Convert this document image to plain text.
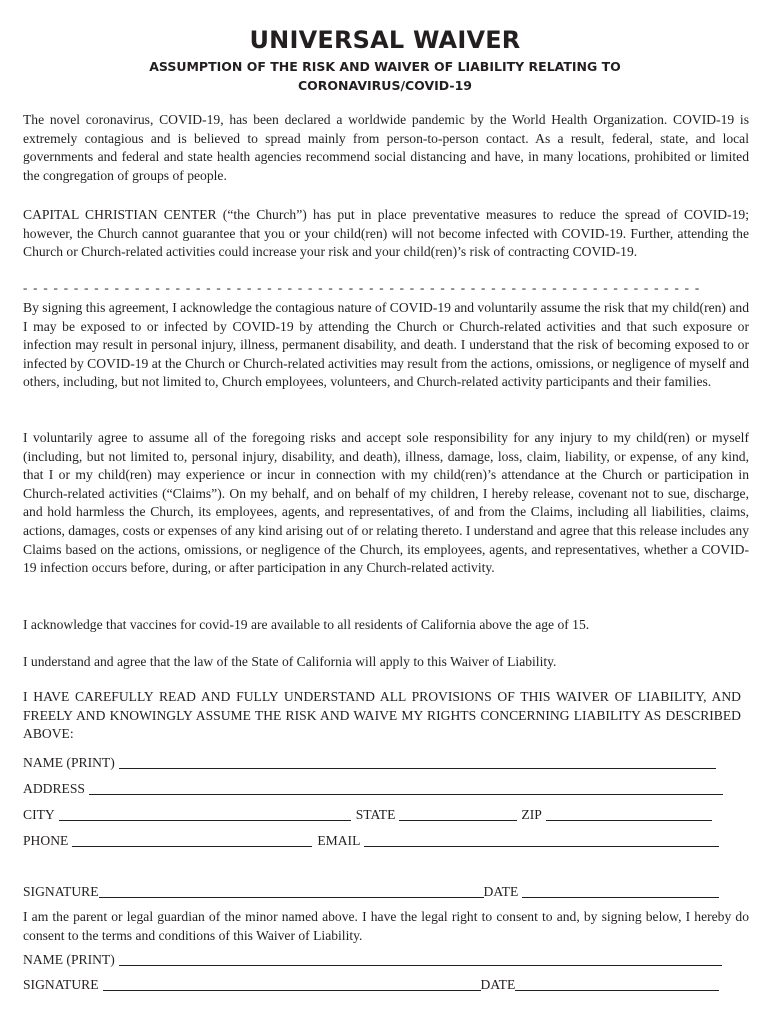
UNIVERSAL WAIVER
ASSUMPTION OF THE RISK AND WAIVER OF LIABILITY RELATING TO
CORONAVIRUS/COVID-19

The novel coronavirus, COVID-19, has been declared a worldwide pandemic by the World Health Organization. COVID-19 is extremely contagious and is believed to spread mainly from person-to-person contact. As a result, federal, state, and local governments and federal and state health agencies recommend social distancing and have, in many locations, prohibited or limited the congregation of groups of people.

CAPITAL CHRISTIAN CENTER (“the Church”) has put in place preventative measures to reduce the spread of COVID-19; however, the Church cannot guarantee that you or your child(ren) will not become infected with COVID-19. Further, attending the Church or Church-related activities could increase your risk and your child(ren)’s risk of contracting COVID-19.

- - - - - - - - - - - - - - - - - - - - - - - - - - - - - - - - - - - - - - - - - - - - - - - - - - - - - - - - - - - - - - - - - - -

By signing this agreement, I acknowledge the contagious nature of COVID-19 and voluntarily assume the risk that my child(ren) and I may be exposed to or infected by COVID-19 by attending the Church or Church-related activities and that such exposure or infection may result in personal injury, illness, permanent disability, and death. I understand that the risk of becoming exposed to or infected by COVID-19 at the Church or Church-related activities may result from the actions, omissions, or negligence of myself and others, including, but not limited to, Church employees, volunteers, and Church-related activity participants and their families.

I voluntarily agree to assume all of the foregoing risks and accept sole responsibility for any injury to my child(ren) or myself (including, but not limited to, personal injury, disability, and death), illness, damage, loss, claim, liability, or expense, of any kind, that I or my child(ren) may experience or incur in connection with my child(ren)’s attendance at the Church or participation in Church-related activities (“Claims”). On my behalf, and on behalf of my children, I hereby release, covenant not to sue, discharge, and hold harmless the Church, its employees, agents, and representatives, of and from the Claims, including all liabilities, claims, actions, damages, costs or expenses of any kind arising out of or relating thereto. I understand and agree that this release includes any Claims based on the actions, omissions, or negligence of the Church, its employees, agents, and representatives, whether a COVID-19 infection occurs before, during, or after participation in any Church-related activity.

I acknowledge that vaccines for covid-19 are available to all residents of California above the age of 15.

I understand and agree that the law of the State of California will apply to this Waiver of Liability.

I HAVE CAREFULLY READ AND FULLY UNDERSTAND ALL PROVISIONS OF THIS WAIVER OF LIABILITY, AND FREELY AND KNOWINGLY ASSUME THE RISK AND WAIVE MY RIGHTS CONCERNING LIABILITY AS DESCRIBED ABOVE:

NAME (PRINT)
ADDRESS
CITY	STATE	ZIP
PHONE	EMAIL
SIGNATURE	DATE

I am the parent or legal guardian of the minor named above. I have the legal right to consent to and, by signing below, I hereby do consent to the terms and conditions of this Waiver of Liability.

NAME (PRINT)
SIGNATURE	DATE
